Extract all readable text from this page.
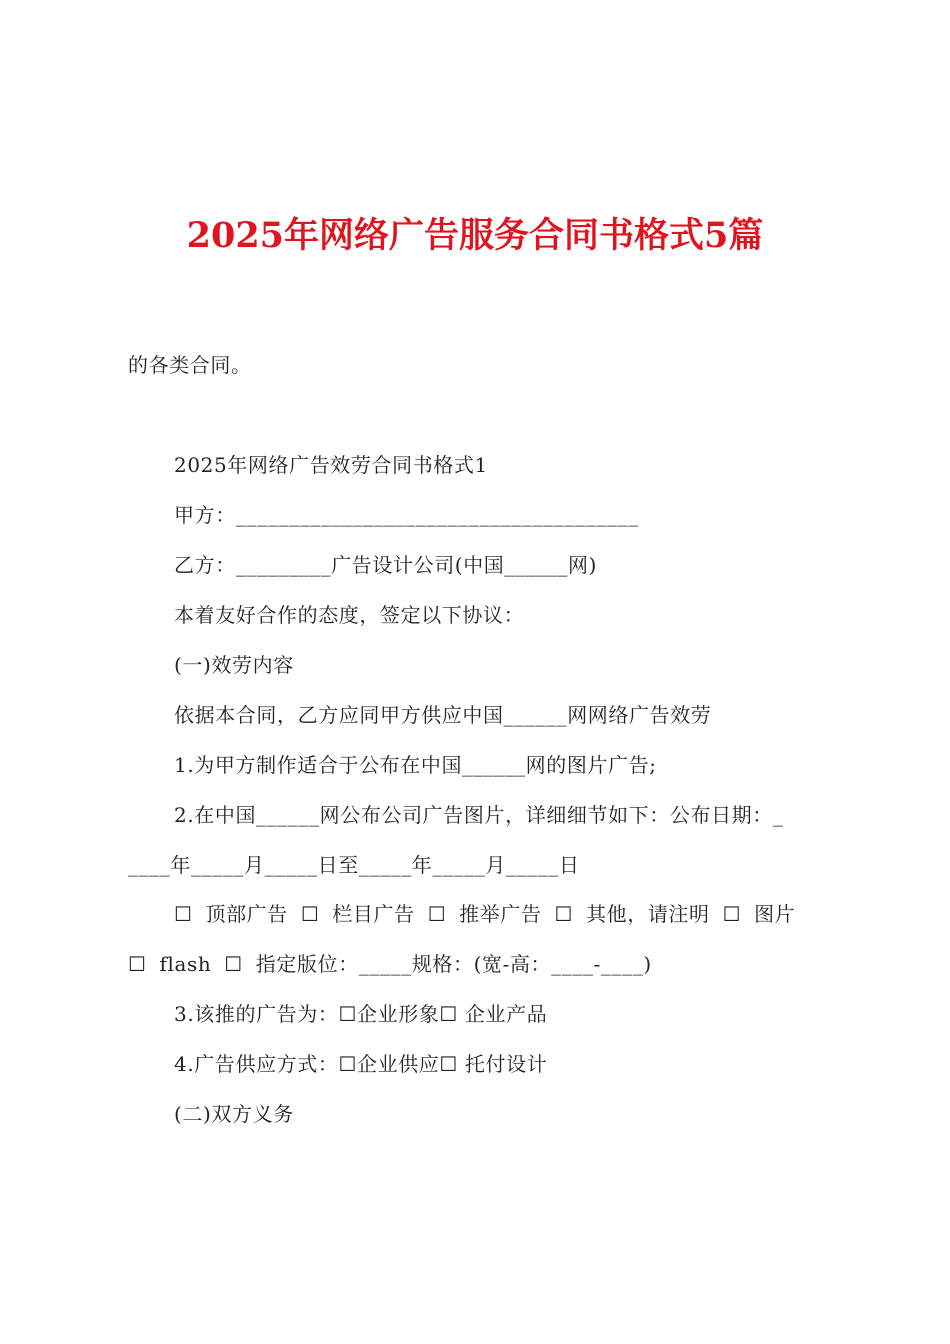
2025年网络广告服务合同书格式5篇
的各类合同。
2025年网络广告效劳合同书格式1
甲方：______________________________________
乙方：_________广告设计公司(中国______网)
本着友好合作的态度，签定以下协议：
(一)效劳内容
依据本合同，乙方应同甲方供应中国______网网络广告效劳
1.为甲方制作适合于公布在中国______网的图片广告;
2.在中国______网公布公司广告图片，详细细节如下：公布日期：_
____年_____月_____日至_____年_____月_____日
☐ 顶部广告 ☐ 栏目广告 ☐ 推举广告 ☐ 其他，请注明 ☐ 图片
☐ flash ☐ 指定版位：_____规格：(宽-高：____-____)
3.该推的广告为：☐企业形象☐ 企业产品
4.广告供应方式：☐企业供应☐ 托付设计
(二)双方义务
